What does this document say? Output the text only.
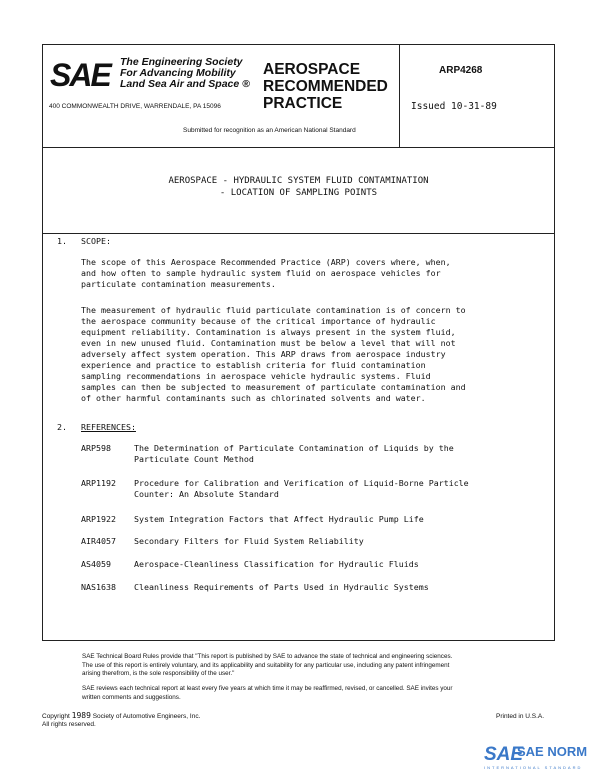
SAE The Engineering Society
For Advancing Mobility
Land Sea Air and Space ®
400 COMMONWEALTH DRIVE, WARRENDALE, PA 15096
AEROSPACE
RECOMMENDED
PRACTICE
ARP4268
Issued 10-31-89
Submitted for recognition as an American National Standard
AEROSPACE - HYDRAULIC SYSTEM FLUID CONTAMINATION
- LOCATION OF SAMPLING POINTS
1. SCOPE:
The scope of this Aerospace Recommended Practice (ARP) covers where, when,
and how often to sample hydraulic system fluid on aerospace vehicles for
particulate contamination measurements.
The measurement of hydraulic fluid particulate contamination is of concern to
the aerospace community because of the critical importance of hydraulic
equipment reliability. Contamination is always present in the system fluid,
even in new unused fluid. Contamination must be below a level that will not
adversely affect system operation. This ARP draws from aerospace industry
experience and practice to establish criteria for fluid contamination
sampling recommendations in aerospace vehicle hydraulic systems. Fluid
samples can then be subjected to measurement of particulate contamination and
of other harmful contaminants such as chlorinated solvents and water.
2. REFERENCES:
ARP598	The Determination of Particulate Contamination of Liquids by the
Particulate Count Method
ARP1192 Procedure for Calibration and Verification of Liquid-Borne Particle
Counter: An Absolute Standard
ARP1922 System Integration Factors that Affect Hydraulic Pump Life
AIR4057 Secondary Filters for Fluid System Reliability
AS4059	Aerospace-Cleanliness Classification for Hydraulic Fluids
NAS1638 Cleanliness Requirements of Parts Used in Hydraulic Systems
SAE Technical Board Rules provide that "This report is published by SAE to advance the state of technical and engineering sciences.
The use of this report is entirely voluntary, and its applicability and suitability for any particular use, including any patent infringement
arising therefrom, is the sole responsibility of the user."
SAE reviews each technical report at least every five years at which time it may be reaffirmed, revised, or cancelled. SAE invites your
written comments and suggestions.
Copyright 1989 Society of Automotive Engineers, Inc.
All rights reserved.
Printed in U.S.A.
SAE
SAE NORM
INTERNATIONAL STANDARD
